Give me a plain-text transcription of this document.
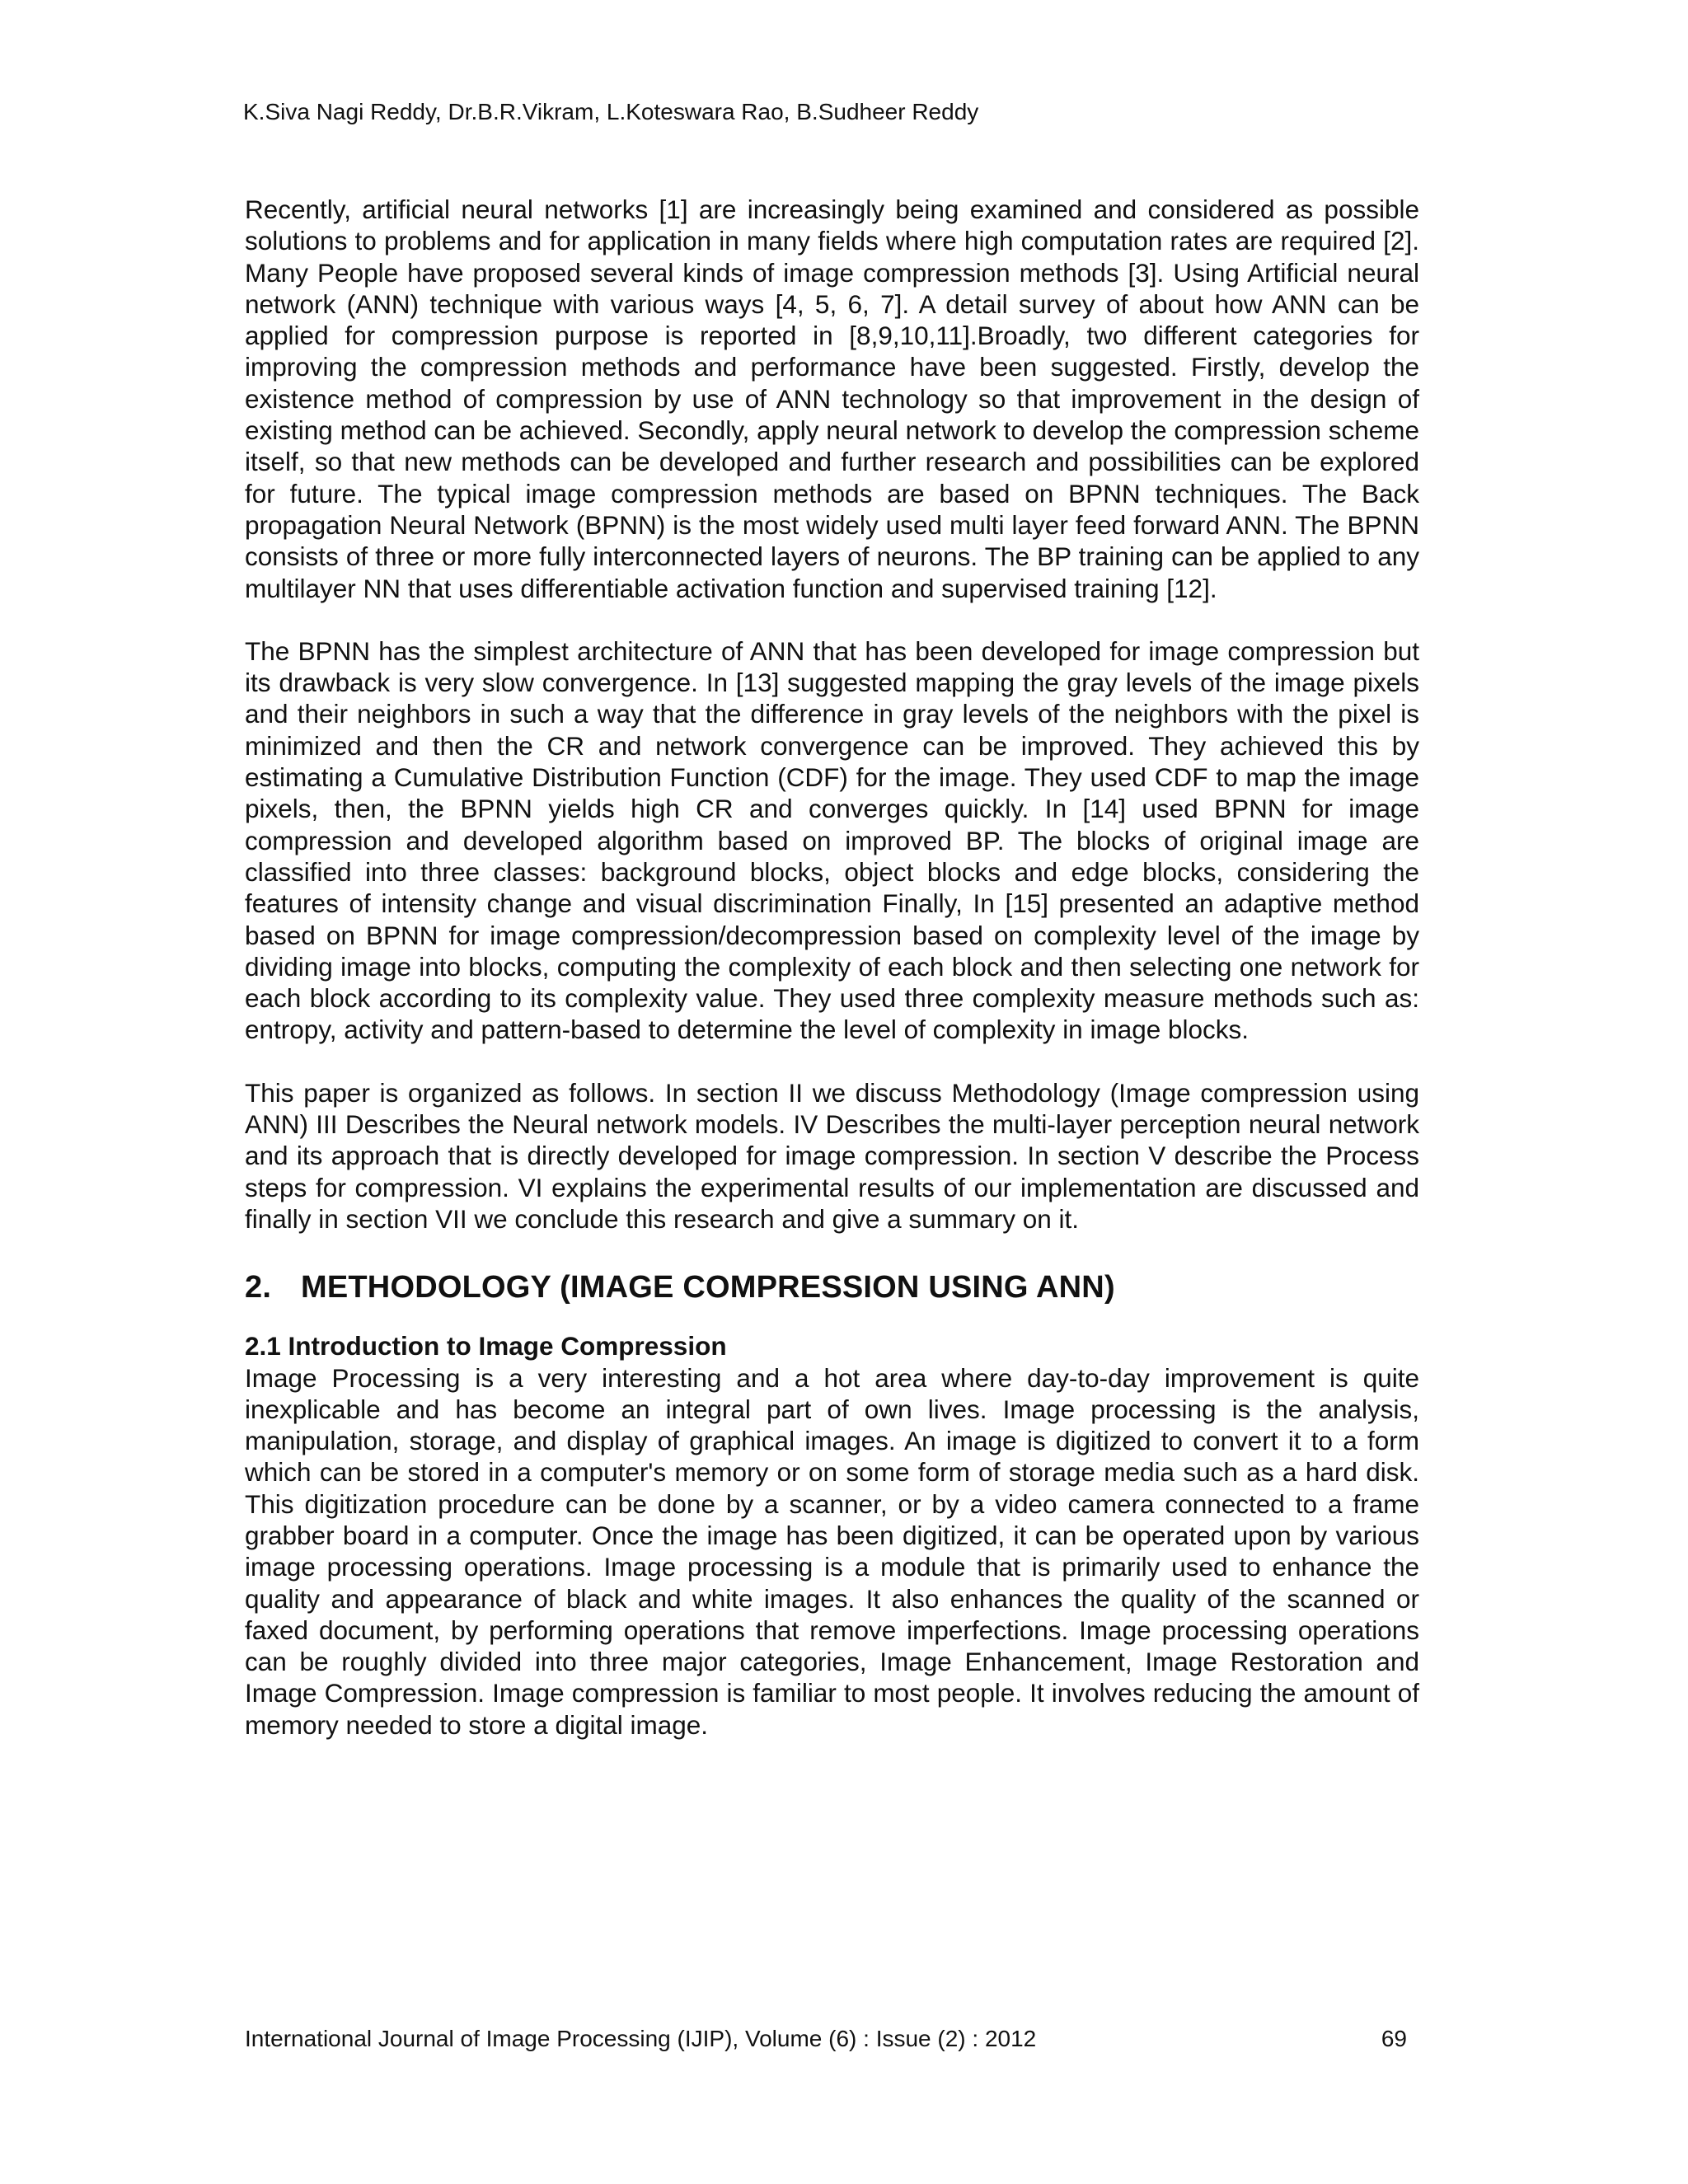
K.Siva Nagi Reddy, Dr.B.R.Vikram, L.Koteswara Rao, B.Sudheer Reddy

Recently, artificial neural networks [1] are increasingly being examined and considered as possible solutions to problems and for application in many fields where high computation rates are required [2]. Many People have proposed several kinds of image compression methods [3]. Using Artificial neural network (ANN) technique with various ways [4, 5, 6, 7]. A detail survey of about how ANN can be applied for compression purpose is reported in [8,9,10,11].Broadly, two different categories for improving the compression methods and performance have been suggested. Firstly, develop the existence method of compression by use of ANN technology so that improvement in the design of existing method can be achieved. Secondly, apply neural network to develop the compression scheme itself, so that new methods can be developed and further research and possibilities can be explored for future. The typical image compression methods are based on BPNN techniques. The Back propagation Neural Network (BPNN) is the most widely used multi layer feed forward ANN. The BPNN consists of three or more fully interconnected layers of neurons. The BP training can be applied to any multilayer NN that uses differentiable activation function and supervised training [12].

The BPNN has the simplest architecture of ANN that has been developed for image compression but its drawback is very slow convergence. In [13] suggested mapping the gray levels of the image pixels and their neighbors in such a way that the difference in gray levels of the neighbors with the pixel is minimized and then the CR and network convergence can be improved. They achieved this by estimating a Cumulative Distribution Function (CDF) for the image. They used CDF to map the image pixels, then, the BPNN yields high CR and converges quickly. In [14] used BPNN for image compression and developed algorithm based on improved BP. The blocks of original image are classified into three classes: background blocks, object blocks and edge blocks, considering the features of intensity change and visual discrimination Finally, In [15] presented an adaptive method based on BPNN for image compression/decompression based on complexity level of the image by dividing image into blocks, computing the complexity of each block and then selecting one network for each block according to its complexity value. They used three complexity measure methods such as: entropy, activity and pattern-based to determine the level of complexity in image blocks.

This paper is organized as follows. In section II we discuss Methodology (Image compression using ANN) III Describes the Neural network models. IV Describes the multi-layer perception neural network and its approach that is directly developed for image compression. In section V describe the Process steps for compression. VI explains the experimental results of our implementation are discussed and finally in section VII we conclude this research and give a summary on it.

2. METHODOLOGY (IMAGE COMPRESSION USING ANN)
2.1 Introduction to Image Compression

Image Processing is a very interesting and a hot area where day-to-day improvement is quite inexplicable and has become an integral part of own lives. Image processing is the analysis, manipulation, storage, and display of graphical images. An image is digitized to convert it to a form which can be stored in a computer's memory or on some form of storage media such as a hard disk. This digitization procedure can be done by a scanner, or by a video camera connected to a frame grabber board in a computer. Once the image has been digitized, it can be operated upon by various image processing operations. Image processing is a module that is primarily used to enhance the quality and appearance of black and white images. It also enhances the quality of the scanned or faxed document, by performing operations that remove imperfections. Image processing operations can be roughly divided into three major categories, Image Enhancement, Image Restoration and Image Compression. Image compression is familiar to most people. It involves reducing the amount of memory needed to store a digital image.

International Journal of Image Processing (IJIP), Volume (6) : Issue (2) : 2012	69
